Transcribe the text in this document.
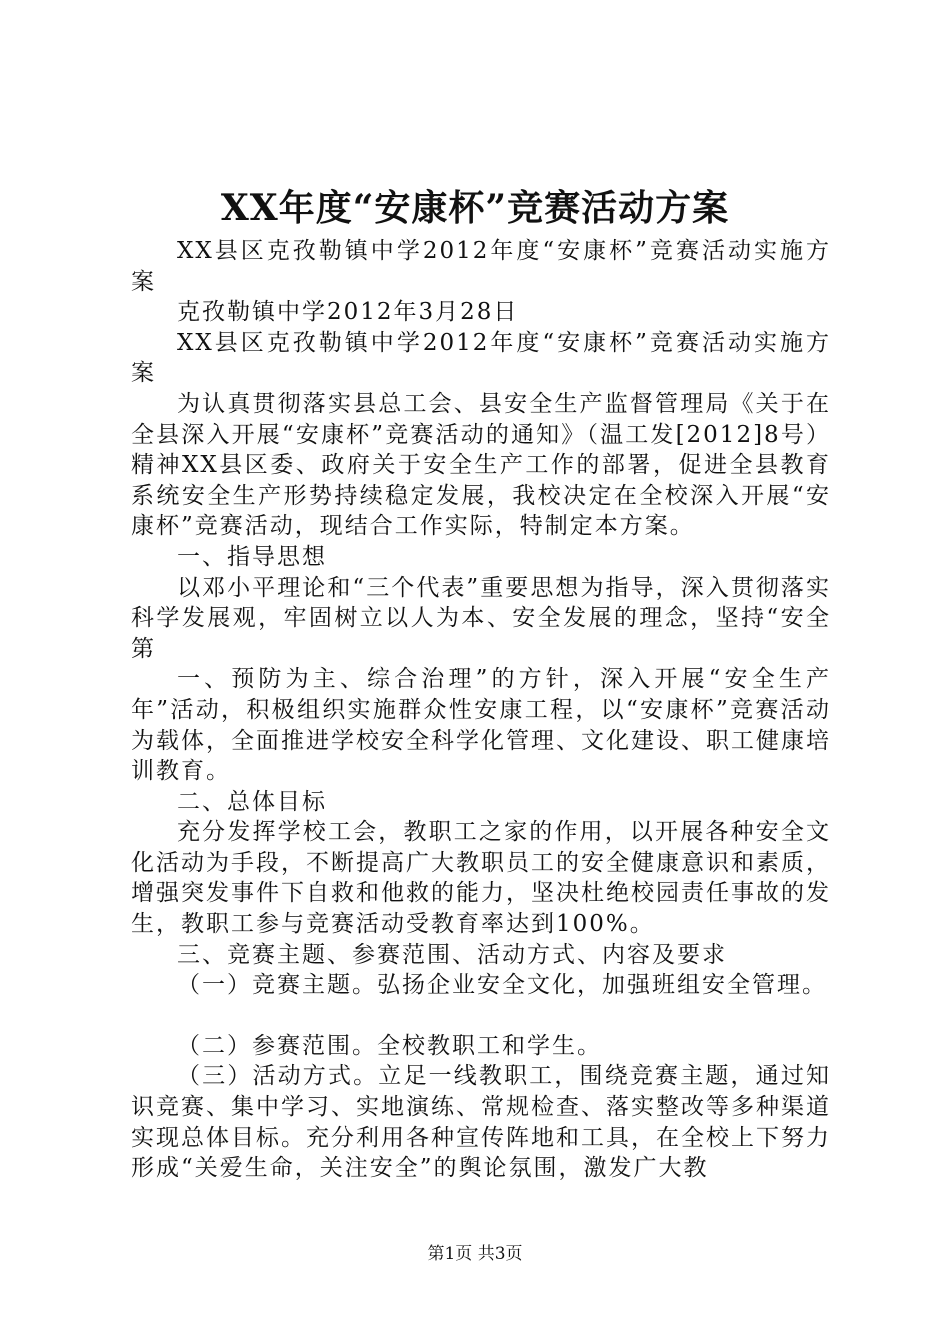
XX年度“安康杯”竞赛活动方案

XX县区克孜勒镇中学2012年度“安康杯”竞赛活动实施方案

克孜勒镇中学2012年3月28日

XX县区克孜勒镇中学2012年度“安康杯”竞赛活动实施方案

为认真贯彻落实县总工会、县安全生产监督管理局《关于在全县深入开展“安康杯”竞赛活动的通知》（温工发[2012]8号）精神XX县区委、政府关于安全生产工作的部署，促进全县教育系统安全生产形势持续稳定发展，我校决定在全校深入开展“安康杯”竞赛活动，现结合工作实际，特制定本方案。

一、指导思想

以邓小平理论和“三个代表”重要思想为指导，深入贯彻落实科学发展观，牢固树立以人为本、安全发展的理念，坚持“安全第

一、预防为主、综合治理”的方针，深入开展“安全生产年”活动，积极组织实施群众性安康工程，以“安康杯”竞赛活动为载体，全面推进学校安全科学化管理、文化建设、职工健康培训教育。

二、总体目标

充分发挥学校工会，教职工之家的作用，以开展各种安全文化活动为手段，不断提高广大教职员工的安全健康意识和素质，增强突发事件下自救和他救的能力，坚决杜绝校园责任事故的发生，教职工参与竞赛活动受教育率达到100%。

三、竞赛主题、参赛范围、活动方式、内容及要求

（一）竞赛主题。弘扬企业安全文化，加强班组安全管理。

（二）参赛范围。全校教职工和学生。

（三）活动方式。立足一线教职工，围绕竞赛主题，通过知识竞赛、集中学习、实地演练、常规检查、落实整改等多种渠道实现总体目标。充分利用各种宣传阵地和工具，在全校上下努力形成“关爱生命，关注安全”的舆论氛围，激发广大教

第1页 共3页
